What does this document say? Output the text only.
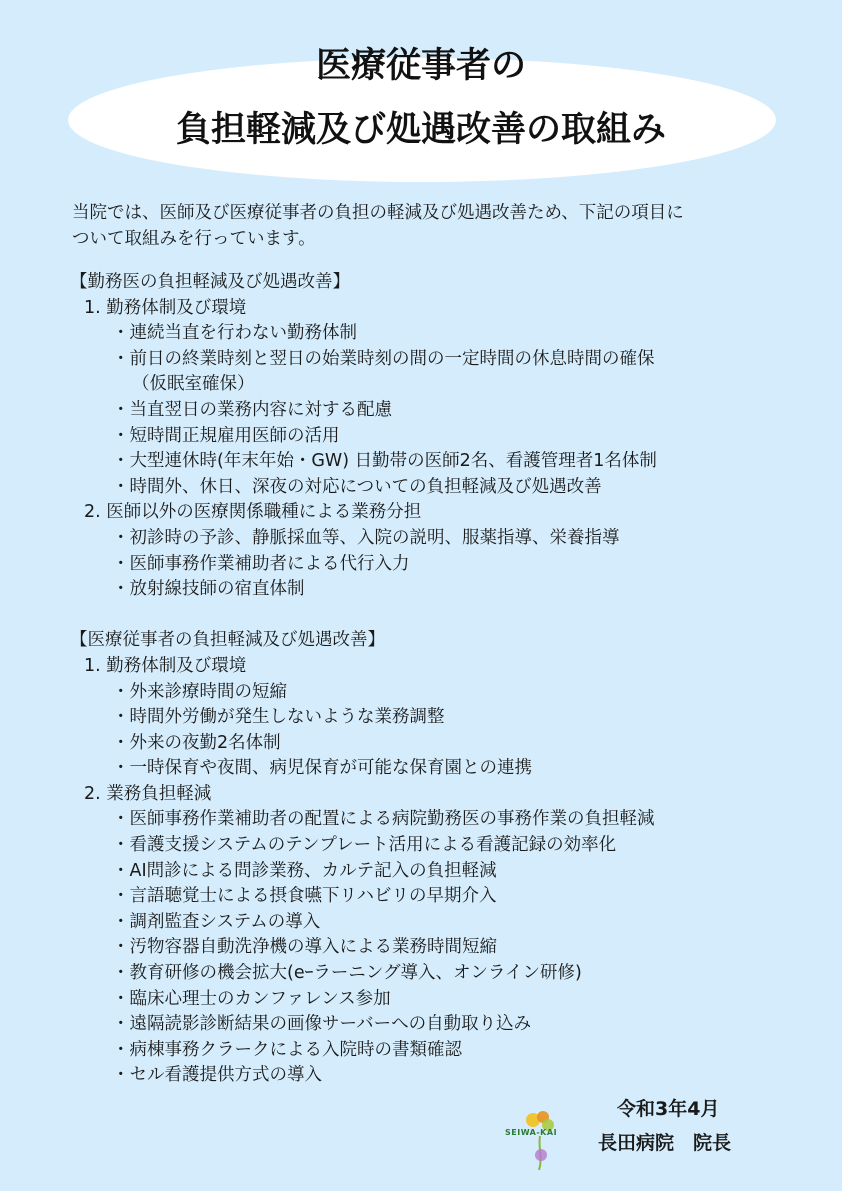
医療従事者の
負担軽減及び処遇改善の取組み
当院では、医師及び医療従事者の負担の軽減及び処遇改善ため、下記の項目に
ついて取組みを行っています。
【勤務医の負担軽減及び処遇改善】
1. 勤務体制及び環境
・連続当直を行わない勤務体制
・前日の終業時刻と翌日の始業時刻の間の一定時間の休息時間の確保
（仮眠室確保）
・当直翌日の業務内容に対する配慮
・短時間正規雇用医師の活用
・大型連休時(年末年始・GW) 日勤帯の医師2名、看護管理者1名体制
・時間外、休日、深夜の対応についての負担軽減及び処遇改善
2. 医師以外の医療関係職種による業務分担
・初診時の予診、静脈採血等、入院の説明、服薬指導、栄養指導
・医師事務作業補助者による代行入力
・放射線技師の宿直体制
【医療従事者の負担軽減及び処遇改善】
1. 勤務体制及び環境
・外来診療時間の短縮
・時間外労働が発生しないような業務調整
・外来の夜勤2名体制
・一時保育や夜間、病児保育が可能な保育園との連携
2. 業務負担軽減
・医師事務作業補助者の配置による病院勤務医の事務作業の負担軽減
・看護支援システムのテンプレート活用による看護記録の効率化
・AI問診による問診業務、カルテ記入の負担軽減
・言語聴覚士による摂食嚥下リハビリの早期介入
・調剤監査システムの導入
・汚物容器自動洗浄機の導入による業務時間短縮
・教育研修の機会拡大(eｰラーニング導入、オンライン研修)
・臨床心理士のカンファレンス参加
・遠隔読影診断結果の画像サーバーへの自動取り込み
・病棟事務クラークによる入院時の書類確認
・セル看護提供方式の導入
SEIWA-KAI
令和3年4月
長田病院　院長
